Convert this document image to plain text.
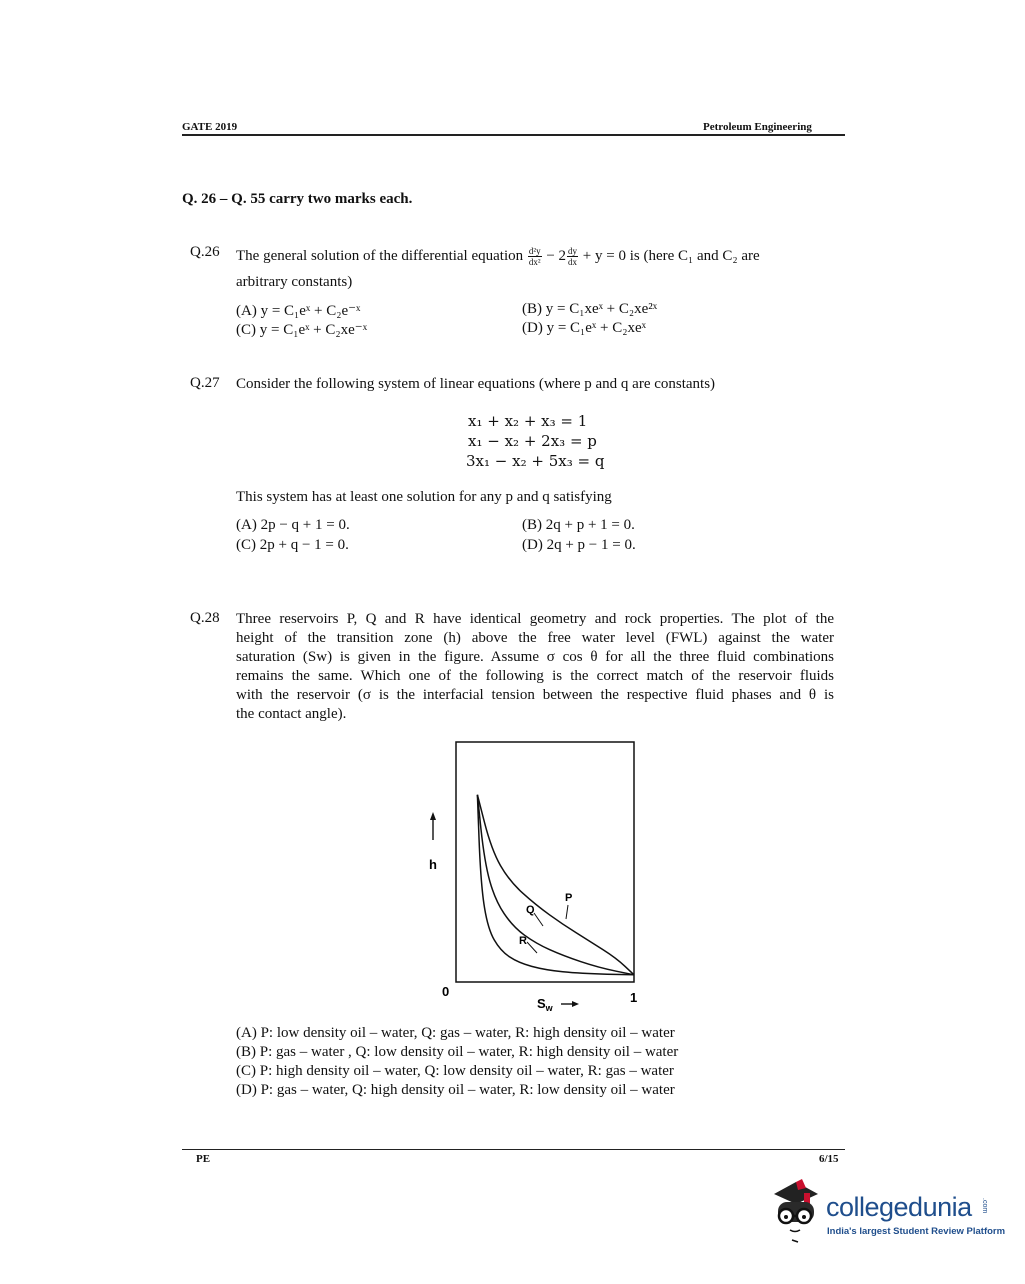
GATE 2019	Petroleum Engineering
Q. 26 – Q. 55 carry two marks each.
Q.26 The general solution of the differential equation $\frac{\text{d²y}}{\text{dx²}} - 2 \frac{dy}{dx} + y = 0$ is (here C₁ and C₂ are
arbitrary constants)
(A) y = C₁eˣ + C₂e⁻ˣ	(B) y = C₁xeˣ + C₂xe²ˣ
(C) y = C₁eˣ + C₂xe⁻ˣ	(D) y = C₁eˣ + C₂xeˣ
Q.27 Consider the following system of linear equations (where p and q are constants)
x₁ + x₂ + x₃ = 1
x₁ − x₂ + 2x₃ = p
3x₁ − x₂ + 5x₃ = q
This system has at least one solution for any p and q satisfying
(A) 2p − q + 1 = 0.	(B) 2q + p + 1 = 0.
(C) 2p + q − 1 = 0.	(D) 2q + p − 1 = 0.
Q.28 Three reservoirs P, Q and R have identical geometry and rock properties. The plot of the
height of the transition zone (h) above the free water level (FWL) against the water
saturation (Sw) is given in the figure. Assume σ cos θ for all the three fluid combinations
remains the same. Which one of the following is the correct match of the reservoir fluids
with the reservoir (σ is the interfacial tension between the respective fluid phases and θ is
the contact angle).
h
0	1
$S_w$
P
Q
R
(A) P: low density oil – water, Q: gas – water, R: high density oil – water
(B) P: gas – water , Q: low density oil – water, R: high density oil – water
(C) P: high density oil – water, Q: low density oil – water, R: gas – water
(D) P: gas – water, Q: high density oil – water, R: low density oil – water
PE	6/15
collegedunia .com
India's largest Student Review Platform
